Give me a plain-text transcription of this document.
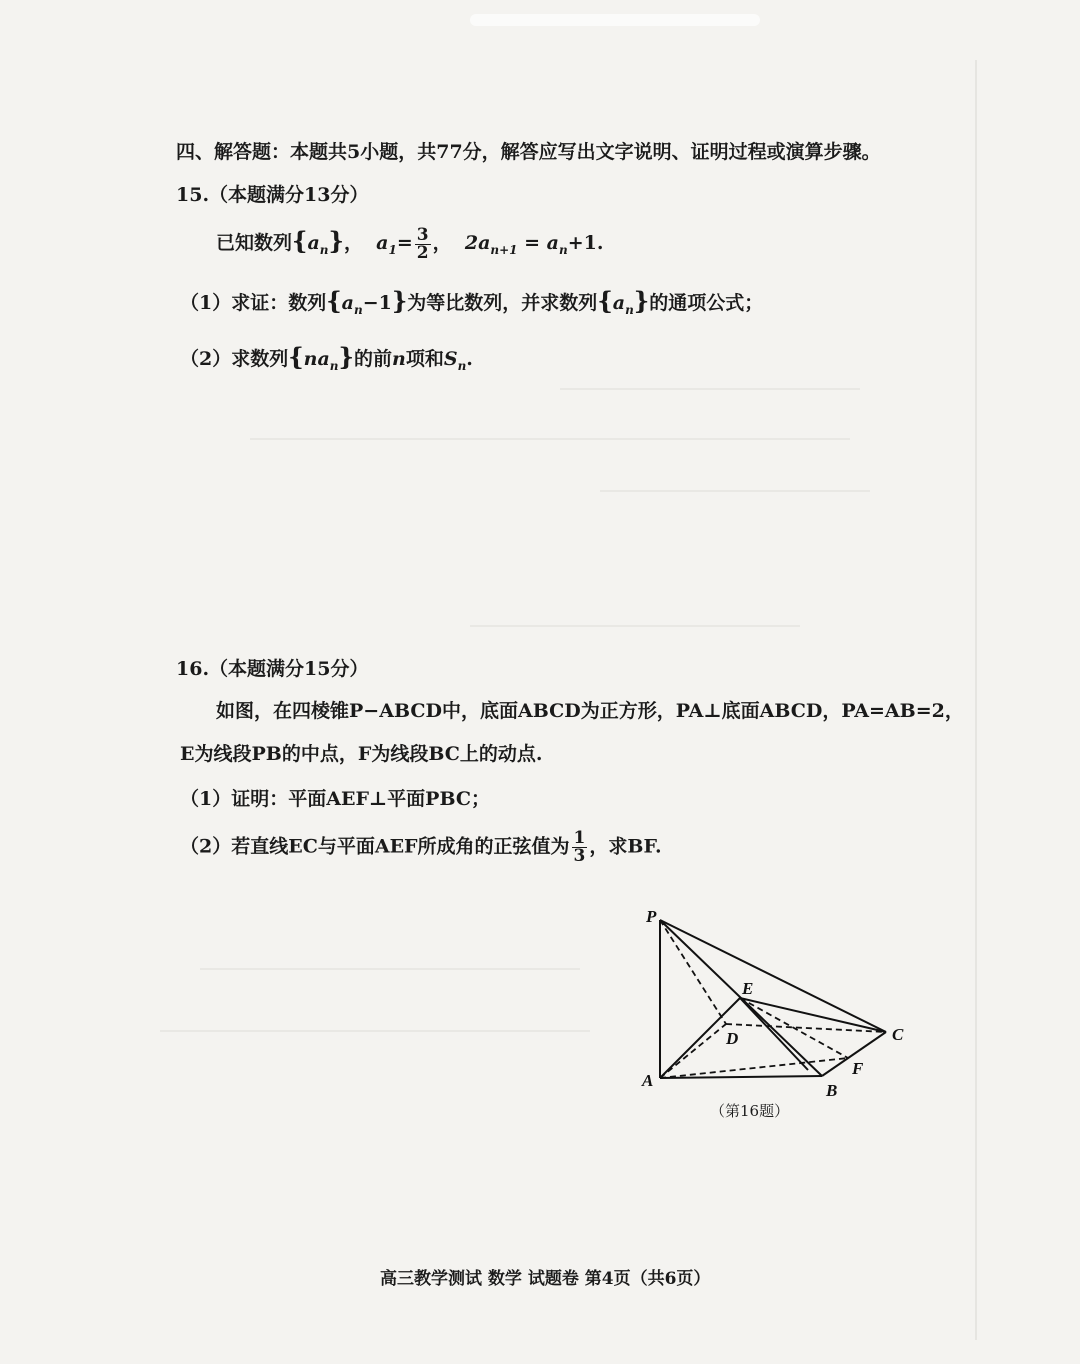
四、解答题：本题共5小题，共77分，解答应写出文字说明、证明过程或演算步骤。
15.（本题满分13分）
已知数列$\{a_n\}$，  $a_1= \frac{3}{2}$ ，  $2a_{n+1} = a_n+1$.
（1）求证：数列$\{a_n-1\}$为等比数列，并求数列$\{a_n\}$的通项公式；
（2）求数列$\{na_n\}$的前n项和$S_n$.
16.（本题满分15分）
如图，在四棱锥P−ABCD中，底面ABCD为正方形，PA⊥底面ABCD，PA=AB=2，
E为线段PB的中点，F为线段BC上的动点.
（1）证明：平面AEF⊥平面PBC；
（2）若直线EC与平面AEF所成角的正弦值为 $\frac{1}{3}$ ，求BF.
P
A
B
C
D
E
F
（第16题）
高三教学测试 数学 试题卷 第4页（共6页）
